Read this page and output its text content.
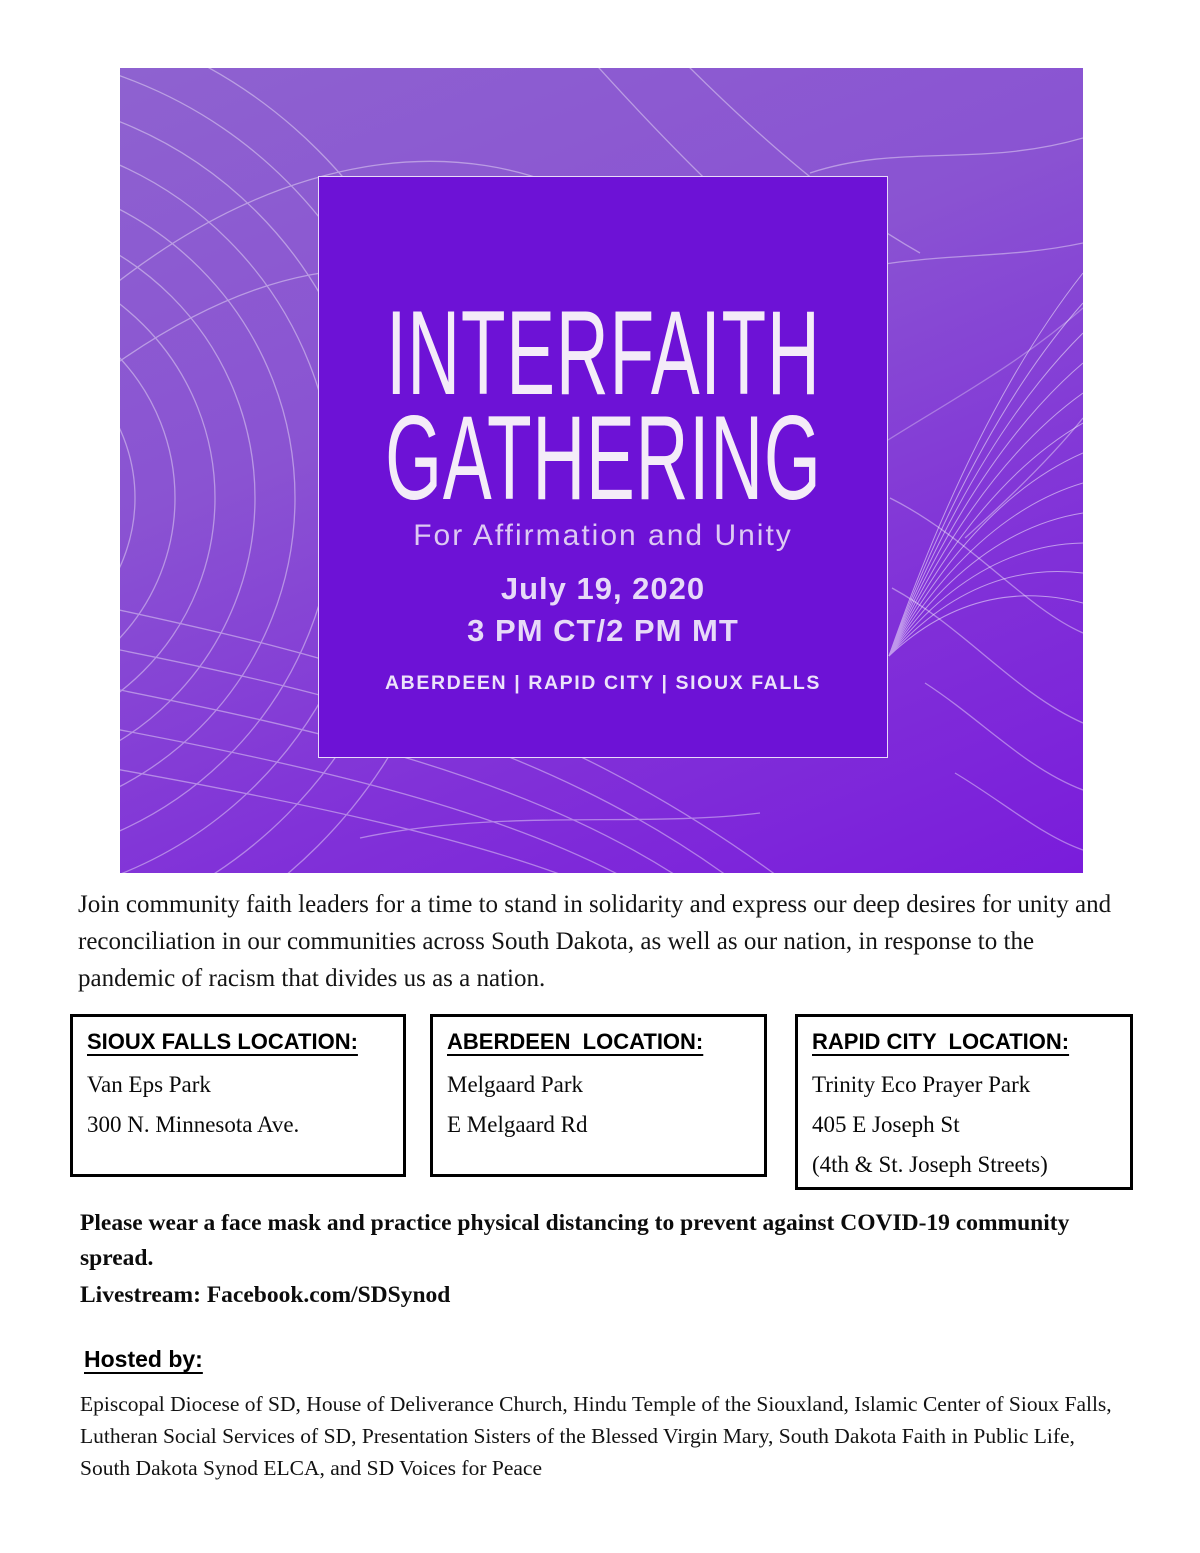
INTERFAITH
GATHERING
For Affirmation and Unity
July 19, 2020
3 PM CT/2 PM MT
ABERDEEN | RAPID CITY | SIOUX FALLS

Join community faith leaders for a time to stand in solidarity and express our deep desires for unity and reconciliation in our communities across South Dakota, as well as our nation, in response to the pandemic of racism that divides us as a nation.

SIOUX FALLS LOCATION:
Van Eps Park
300 N. Minnesota Ave.
ABERDEEN  LOCATION:
Melgaard Park
E Melgaard Rd
RAPID CITY  LOCATION:
Trinity Eco Prayer Park
405 E Joseph St
(4th & St. Joseph Streets)

Please wear a face mask and practice physical distancing to prevent against COVID-19 community spread.

Livestream: Facebook.com/SDSynod

Hosted by:

Episcopal Diocese of SD, House of Deliverance Church, Hindu Temple of the Siouxland, Islamic Center of Sioux Falls, Lutheran Social Services of SD, Presentation Sisters of the Blessed Virgin Mary, South Dakota Faith in Public Life, South Dakota Synod ELCA, and SD Voices for Peace
